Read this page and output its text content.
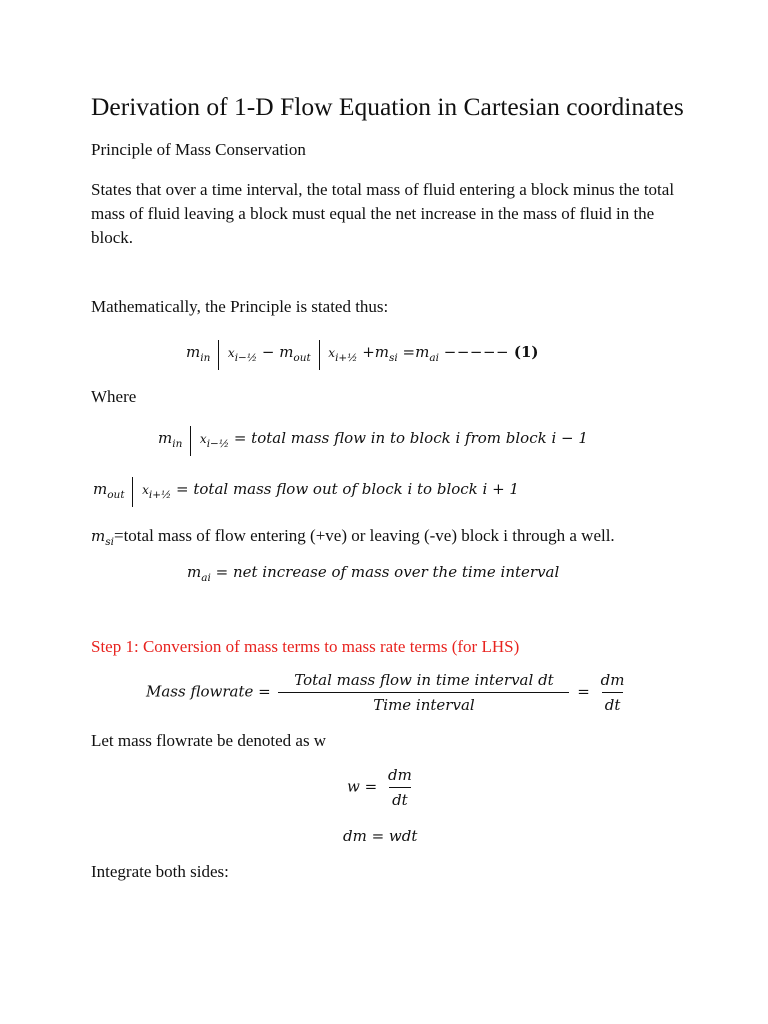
Derivation of 1-D Flow Equation in Cartesian coordinates
Principle of Mass Conservation
States that over a time interval, the total mass of fluid entering a block minus the total mass of fluid leaving a block must equal the net increase in the mass of fluid in the block.
Mathematically, the Principle is stated thus:
$m_{in}$ $x_{i-\frac{1}{2}} - m_{out}$ $x_{i+\frac{1}{2}} +m_{si} =m_{ai}$ −−−−− (1)
Where
$m_{in}$ $x_{i-\frac{1}{2}}$ = total mass flow in to block i from block i − 1
$m_{out}$ $x_{i+\frac{1}{2}}$ = total mass flow out of block i to block i + 1
$m_{si}=total$ mass of flow entering (+ve) or leaving (-ve) block i through a well.
$m_{ai}$ = net increase of mass over the time interval
Step 1: Conversion of mass terms to mass rate terms (for LHS)
Mass flowrate = $\frac{\text{Total mass flow in time interval dt}}{\text{Time interval}} = \frac{dm}{dt}$
Let mass flowrate be denoted as w
$w = \frac{dm}{dt}$
dm = wdt
Integrate both sides:
